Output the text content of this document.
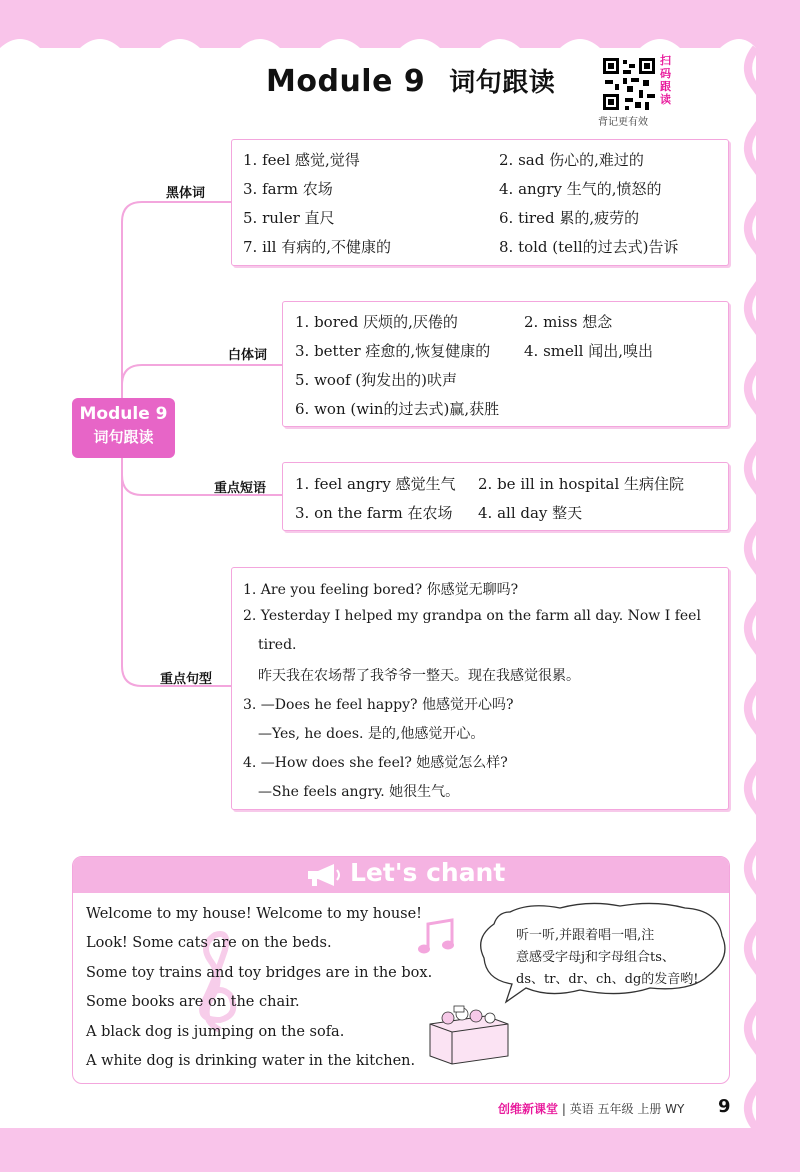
Module 9 词句跟读
扫
码
跟
读
背记更有效
Module 9
词句跟读
黑体词
1. feel 感觉,觉得	2. sad 伤心的,难过的
3. farm 农场	4. angry 生气的,愤怒的
5. ruler 直尺	6. tired 累的,疲劳的
7. ill 有病的,不健康的	8. told (tell的过去式)告诉
白体词
1. bored 厌烦的,厌倦的	2. miss 想念
3. better 痊愈的,恢复健康的 4. smell 闻出,嗅出
5. woof (狗发出的)吠声
6. won (win的过去式)赢,获胜
重点短语 1. feel angry 感觉生气 2. be ill in hospital 生病住院
3. on the farm 在农场 4. all day 整天
重点句型
1. Are you feeling bored? 你感觉无聊吗?
2. Yesterday I helped my grandpa on the farm all day. Now I feel
tired.
昨天我在农场帮了我爷爷一整天。现在我感觉很累。
3. —Does he feel happy? 他感觉开心吗?
—Yes, he does. 是的,他感觉开心。
4. —How does she feel? 她感觉怎么样?
—She feels angry. 她很生气。
Let's chant
Welcome to my house! Welcome to my house!
Look! Some cats are on the beds.
Some toy trains and toy bridges are in the box.
Some books are on the chair.
A black dog is jumping on the sofa.
A white dog is drinking water in the kitchen.
听一听,并跟着唱一唱,注
意感受字母j和字母组合ts、
ds、tr、dr、ch、dg的发音哟!
创维新课堂 | 英语 五年级 上册 WY 9
